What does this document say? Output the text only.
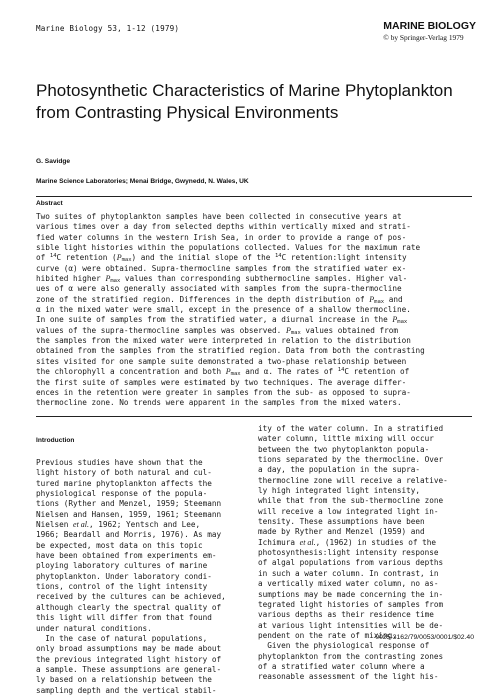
Marine Biology 53, 1-12 (1979)	MARINE BIOLOGY
© by Springer-Verlag 1979
Photosynthetic Characteristics of Marine Phytoplankton
from Contrasting Physical Environments
G. Savidge
Marine Science Laboratories; Menai Bridge, Gwynedd, N. Wales, UK
Abstract
Two suites of phytoplankton samples have been collected in consecutive years at
various times over a day from selected depths within vertically mixed and strati-
fied water columns in the western Irish Sea, in order to provide a range of pos-
sible light histories within the populations collected. Values for the maximum rate
of $^{14}$C retention (Pmax) and the initial slope of the $^{14}$C retention:light intensity
curve (α) were obtained. Supra-thermocline samples from the stratified water ex-
hibited higher Pmax values than corresponding subthermocline samples. Higher val-
ues of α were also generally associated with samples from the supra-thermocline
zone of the stratified region. Differences in the depth distribution of Pmax and
α in the mixed water were small, except in the presence of a shallow thermocline.
In one suite of samples from the stratified water, a diurnal increase in the Pmax
values of the supra-thermocline samples was observed. Pmax values obtained from
the samples from the mixed water were interpreted in relation to the distribution
obtained from the samples from the stratified region. Data from both the contrasting
sites visited for one sample suite demonstrated a two-phase relationship between
the chlorophyll a concentration and both Pmax and α. The rates of $^{14}$C retention of
the first suite of samples were estimated by two techniques. The average differ-
ences in the retention were greater in samples from the sub- as opposed to supra-
thermocline zone. No trends were apparent in the samples from the mixed waters.
Introduction
Previous studies have shown that the
light history of both natural and cul-
tured marine phytoplankton affects the
physiological response of the popula-
tions (Ryther and Menzel, 1959; Steemann
Nielsen and Hansen, 1959, 1961; Steemann
Nielsen et al., 1962; Yentsch and Lee,
1966; Beardall and Morris, 1976). As may
be expected, most data on this topic
have been obtained from experiments em-
ploying laboratory cultures of marine
phytoplankton. Under laboratory condi-
tions, control of the light intensity
received by the cultures can be achieved,
although clearly the spectral quality of
this light will differ from that found
under natural conditions.
In the case of natural populations,
only broad assumptions may be made about
the previous integrated light history of
a sample. These assumptions are general-
ly based on a relationship between the
sampling depth and the vertical stabil-
ity of the water column. In a stratified
water column, little mixing will occur
between the two phytoplankton popula-
tions separated by the thermocline. Over
a day, the population in the supra-
thermocline zone will receive a relative-
ly high integrated light intensity,
while that from the sub-thermocline zone
will receive a low integrated light in-
tensity. These assumptions have been
made by Ryther and Menzel (1959) and
Ichimura et al., (1962) in studies of the
photosynthesis:light intensity response
of algal populations from various depths
in such a water column. In contrast, in
a vertically mixed water column, no as-
sumptions may be made concerning the in-
tegrated light histories of samples from
various depths as their residence time
at various light intensities will be de-
pendent on the rate of mixing.
Given the physiological response of
phytoplankton from the contrasting zones
of a stratified water column where a
reasonable assessment of the light his-
0025-3162/79/0053/0001/$02.40
